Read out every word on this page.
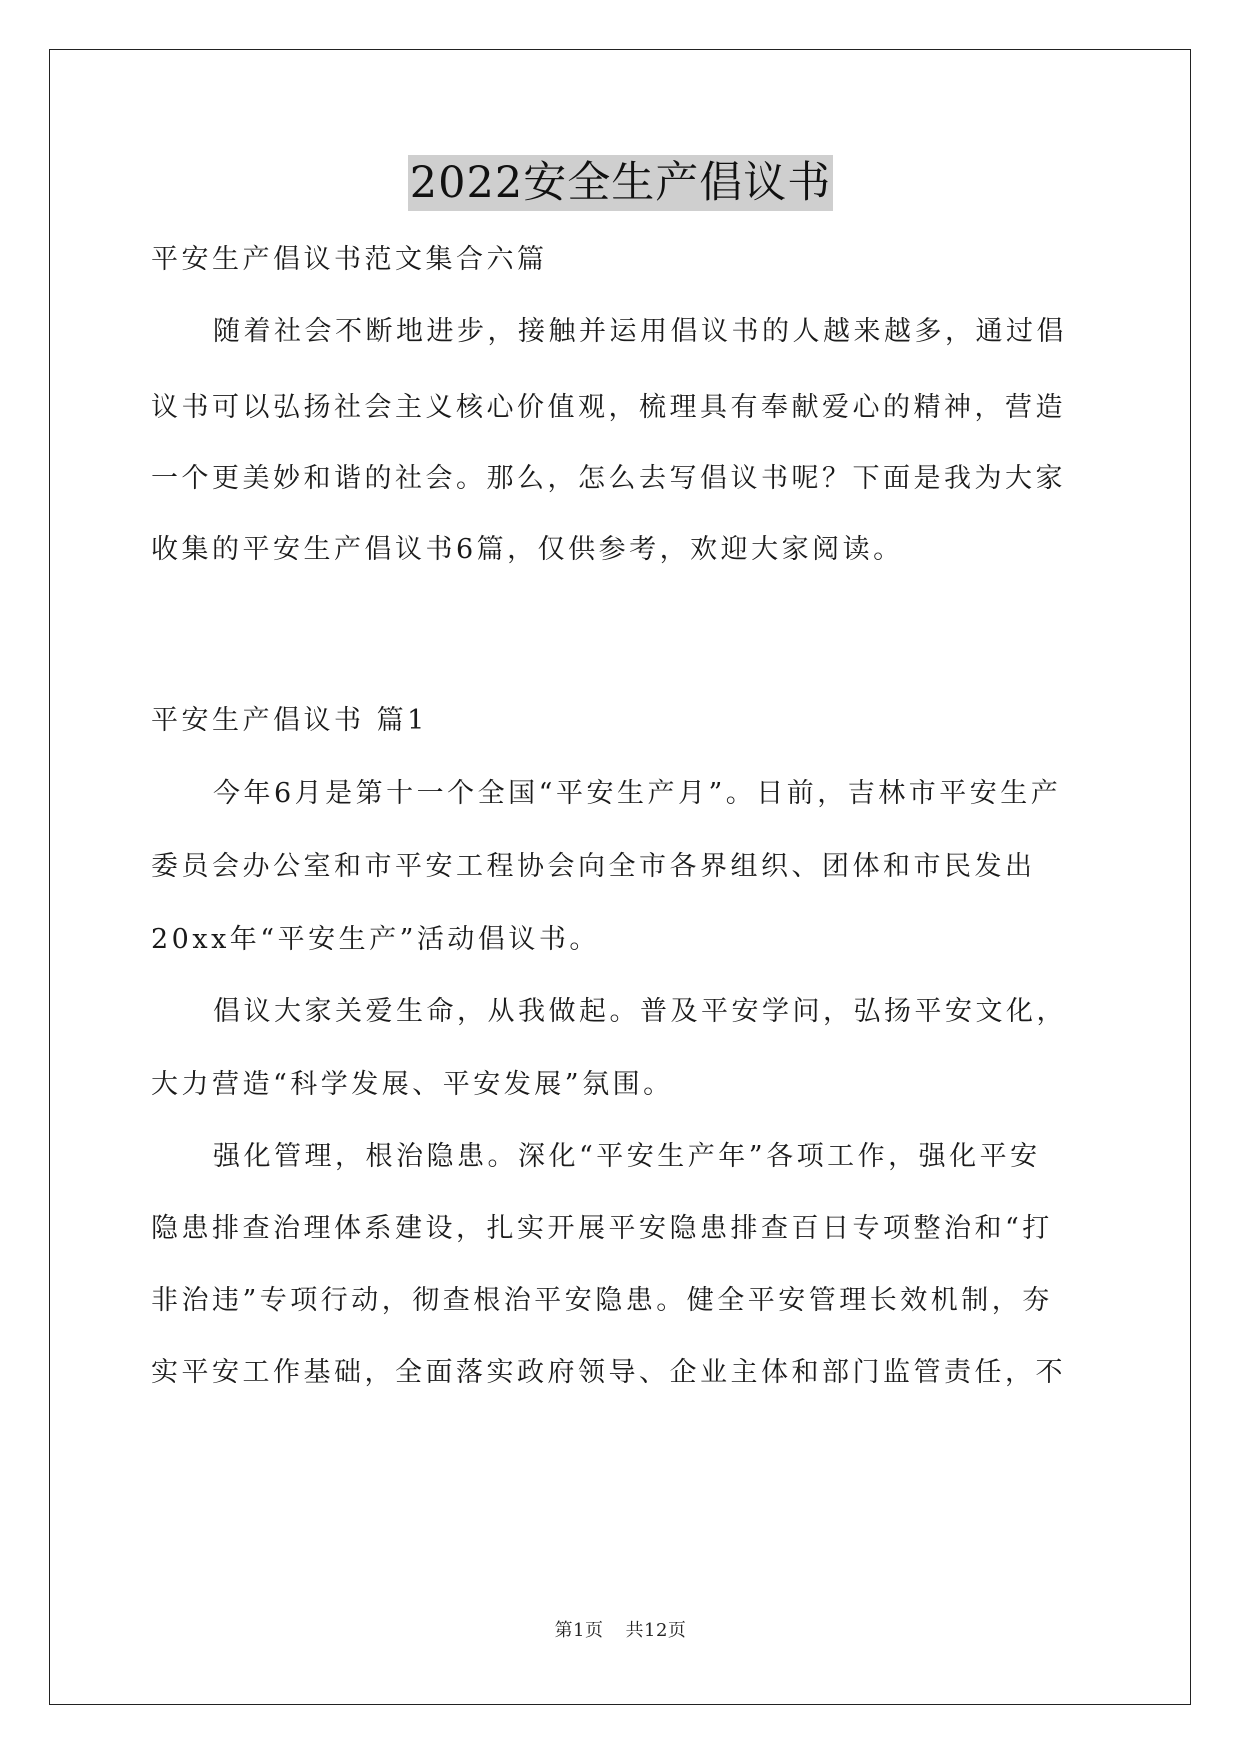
2022安全生产倡议书
平安生产倡议书范文集合六篇
随着社会不断地进步，接触并运用倡议书的人越来越多，通过倡
议书可以弘扬社会主义核心价值观，梳理具有奉献爱心的精神，营造
一个更美妙和谐的社会。那么，怎么去写倡议书呢？下面是我为大家
收集的平安生产倡议书6篇，仅供参考，欢迎大家阅读。
平安生产倡议书 篇1
今年6月是第十一个全国“平安生产月”。日前，吉林市平安生产
委员会办公室和市平安工程协会向全市各界组织、团体和市民发出
20xx年“平安生产”活动倡议书。
倡议大家关爱生命，从我做起。普及平安学问，弘扬平安文化，
大力营造“科学发展、平安发展”氛围。
强化管理，根治隐患。深化“平安生产年”各项工作，强化平安
隐患排查治理体系建设，扎实开展平安隐患排查百日专项整治和“打
非治违”专项行动，彻查根治平安隐患。健全平安管理长效机制，夯
实平安工作基础，全面落实政府领导、企业主体和部门监管责任，不
第1页 共12页
